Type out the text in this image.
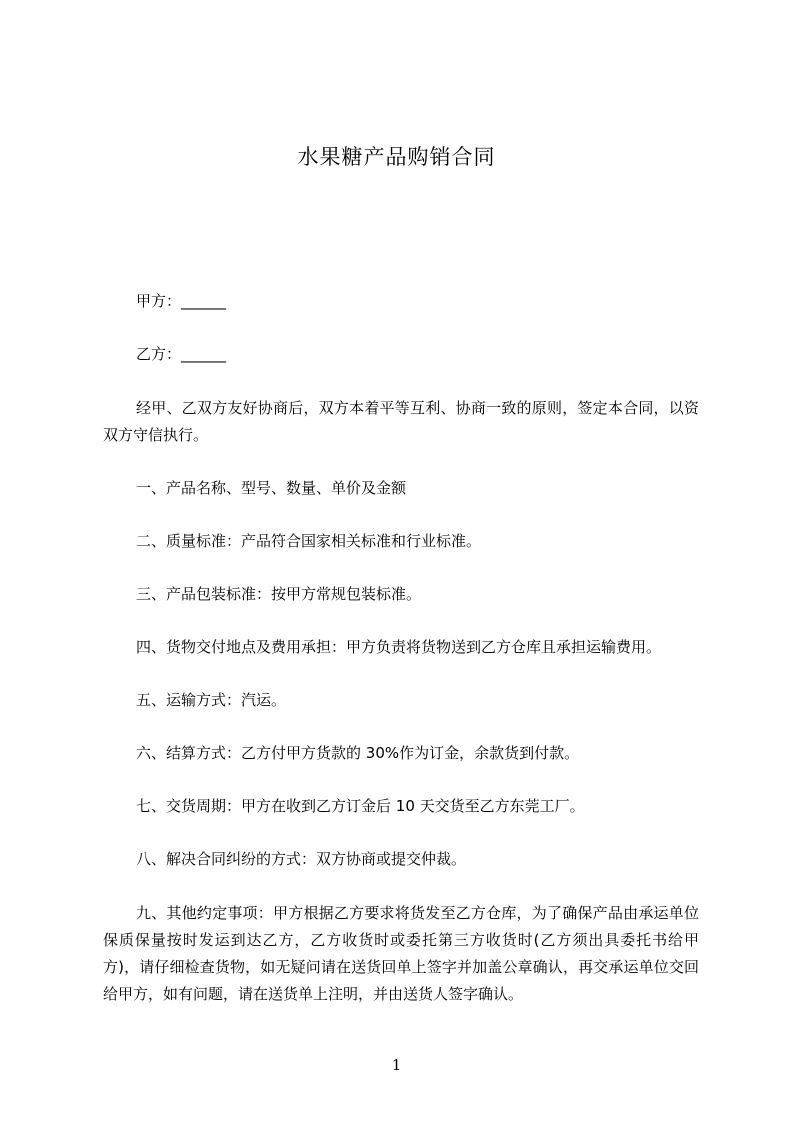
水果糖产品购销合同

甲方：______

乙方：______

经甲、乙双方友好协商后，双方本着平等互利、协商一致的原则，签定本合同，以资双方守信执行。

一、产品名称、型号、数量、单价及金额

二、质量标准：产品符合国家相关标准和行业标准。

三、产品包装标准：按甲方常规包装标准。

四、货物交付地点及费用承担：甲方负责将货物送到乙方仓库且承担运输费用。

五、运输方式：汽运。

六、结算方式：乙方付甲方货款的 30%作为订金，余款货到付款。

七、交货周期：甲方在收到乙方订金后 10 天交货至乙方东莞工厂。

八、解决合同纠纷的方式：双方协商或提交仲裁。

九、其他约定事项：甲方根据乙方要求将货发至乙方仓库，为了确保产品由承运单位保质保量按时发运到达乙方，乙方收货时或委托第三方收货时(乙方须出具委托书给甲方)，请仔细检查货物，如无疑问请在送货回单上签字并加盖公章确认，再交承运单位交回给甲方，如有问题，请在送货单上注明，并由送货人签字确认。

1
